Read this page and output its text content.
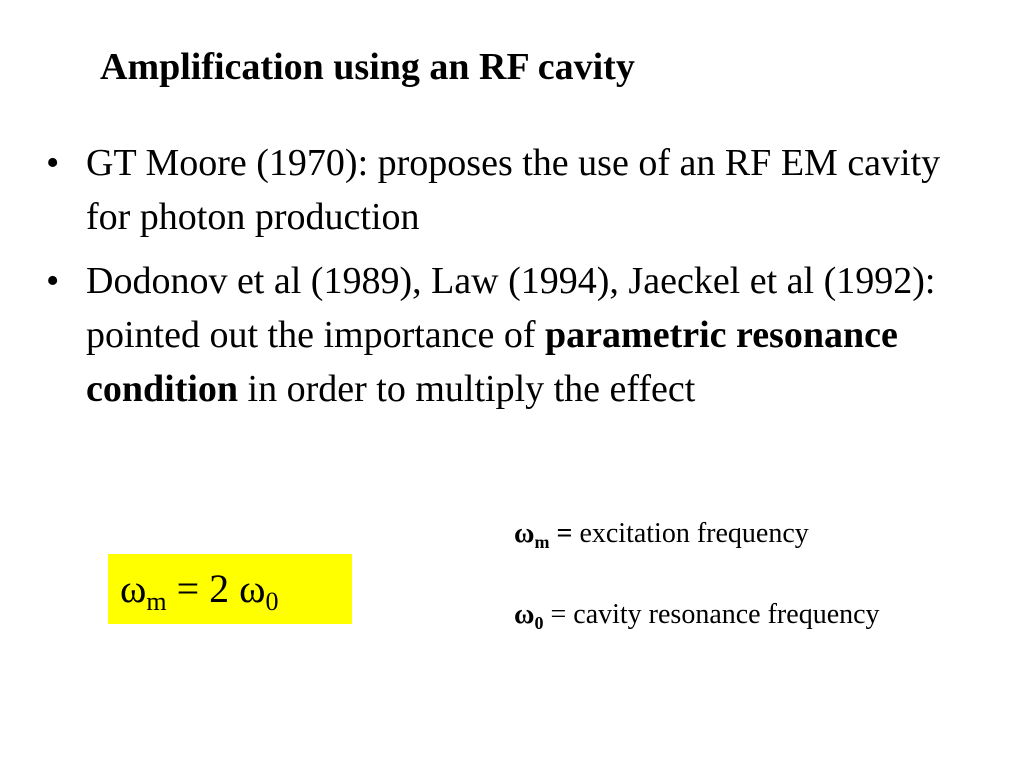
Amplification using an RF cavity
• GT Moore (1970): proposes the use of an RF EM cavity for photon production
• Dodonov et al (1989), Law (1994), Jaeckel et al (1992): pointed out the importance of parametric resonance condition in order to multiply the effect
$\omega_m = 2$ $\omega_0$
$\omega_m$ = excitation frequency
$\omega_0$ = cavity resonance frequency
